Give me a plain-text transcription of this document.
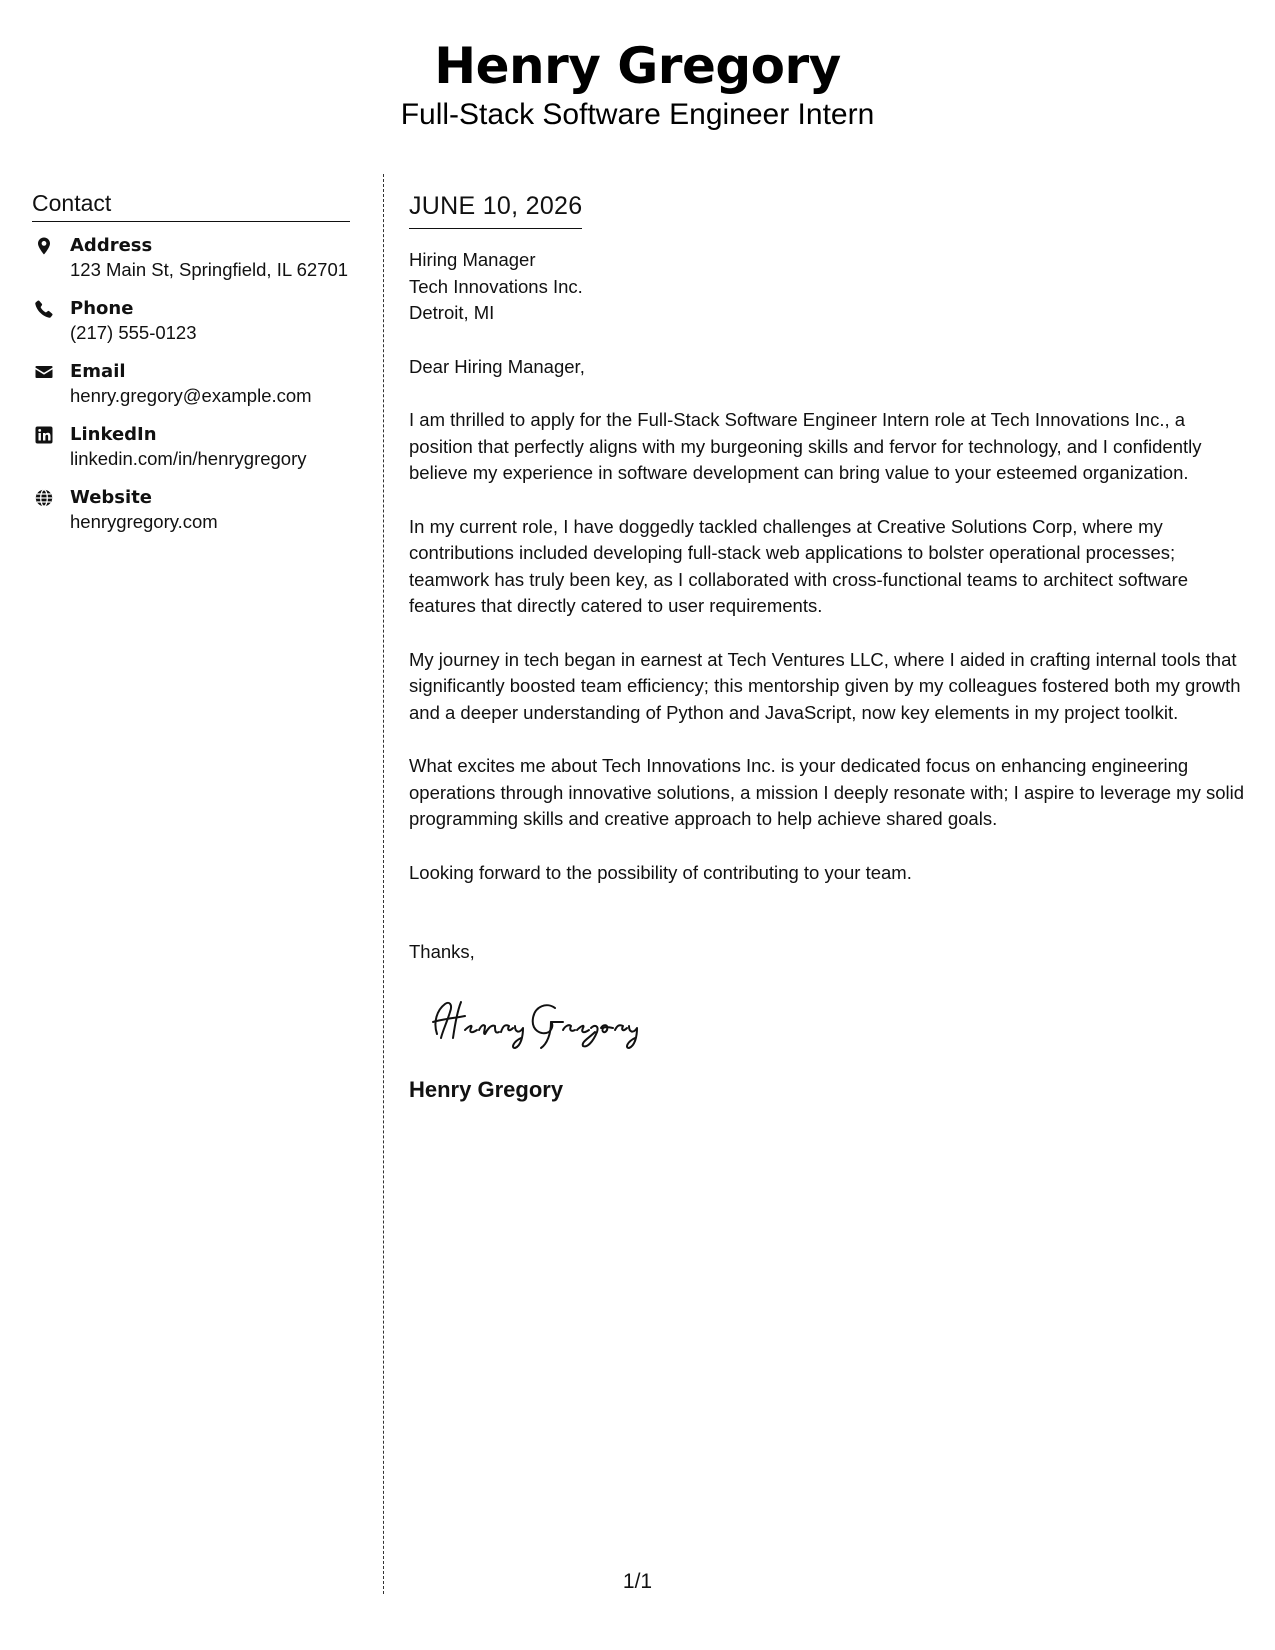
Henry Gregory
Full-Stack Software Engineer Intern
Contact
Address
123 Main St, Springfield, IL 62701
Phone
(217) 555-0123
Email
henry.gregory@example.com
LinkedIn
linkedin.com/in/henrygregory
Website
henrygregory.com
JUNE 10, 2026
Hiring Manager
Tech Innovations Inc.
Detroit, MI

Dear Hiring Manager,

I am thrilled to apply for the Full-Stack Software Engineer Intern role at Tech Innovations Inc., a position that perfectly aligns with my burgeoning skills and fervor for technology, and I confidently believe my experience in software development can bring value to your esteemed organization.

In my current role, I have doggedly tackled challenges at Creative Solutions Corp, where my contributions included developing full-stack web applications to bolster operational processes; teamwork has truly been key, as I collaborated with cross-functional teams to architect software features that directly catered to user requirements.

My journey in tech began in earnest at Tech Ventures LLC, where I aided in crafting internal tools that significantly boosted team efficiency; this mentorship given by my colleagues fostered both my growth and a deeper understanding of Python and JavaScript, now key elements in my project toolkit.

What excites me about Tech Innovations Inc. is your dedicated focus on enhancing engineering operations through innovative solutions, a mission I deeply resonate with; I aspire to leverage my solid programming skills and creative approach to help achieve shared goals.

Looking forward to the possibility of contributing to your team.

Thanks,

Henry Gregory
1/1
